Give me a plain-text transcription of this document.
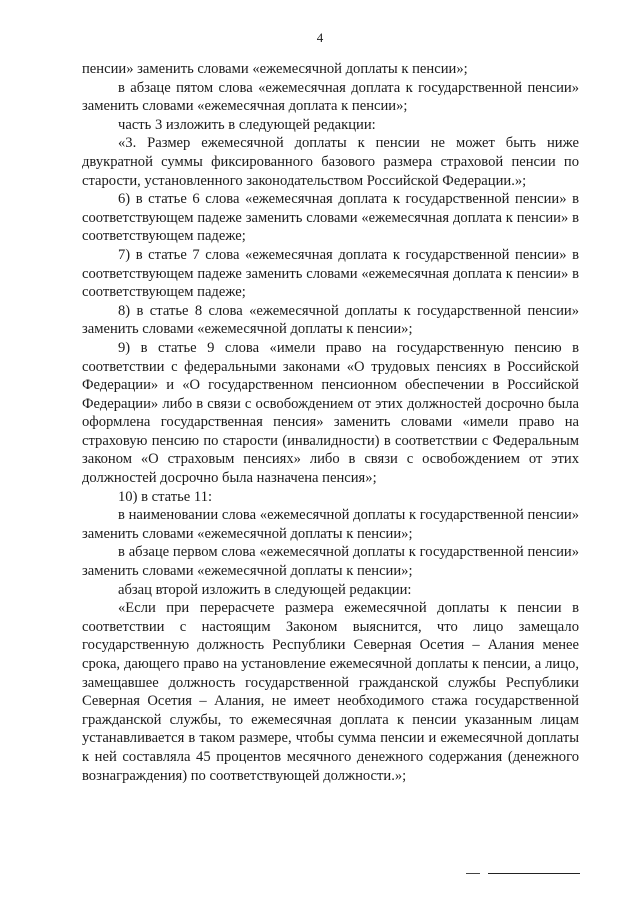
4

пенсии» заменить словами «ежемесячной доплаты к пенсии»;

в абзаце пятом слова «ежемесячная доплата к государственной пенсии» заменить словами «ежемесячная доплата к пенсии»;

часть 3 изложить в следующей редакции:

«3. Размер ежемесячной доплаты к пенсии не может быть ниже двукратной суммы фиксированного базового размера страховой пенсии по старости, установленного законодательством Российской Федерации.»;

6) в статье 6 слова «ежемесячная доплата к государственной пенсии» в соответствующем падеже заменить словами «ежемесячная доплата к пенсии» в соответствующем падеже;

7) в статье 7 слова «ежемесячная доплата к государственной пенсии» в соответствующем падеже заменить словами «ежемесячная доплата к пенсии» в соответствующем падеже;

8) в статье 8 слова «ежемесячной доплаты к государственной пенсии» заменить словами «ежемесячной доплаты к пенсии»;

9) в статье 9 слова «имели право на государственную пенсию в соответствии с федеральными законами «О трудовых пенсиях в Российской Федерации» и «О государственном пенсионном обеспечении в Российской Федерации» либо в связи с освобождением от этих должностей досрочно была оформлена государственная пенсия» заменить словами «имели право на страховую пенсию по старости (инвалидности) в соответствии с Федеральным законом «О страховым пенсиях» либо в связи с освобождением от этих должностей досрочно была назначена пенсия»;

10) в статье 11:

в наименовании слова «ежемесячной доплаты к государственной пенсии» заменить словами «ежемесячной доплаты к пенсии»;

в абзаце первом слова «ежемесячной доплаты к государственной пенсии» заменить словами «ежемесячной доплаты к пенсии»;

абзац второй изложить в следующей редакции:

«Если при перерасчете размера ежемесячной доплаты к пенсии в соответствии с настоящим Законом выяснится, что лицо замещало государственную должность Республики Северная Осетия – Алания менее срока, дающего право на установление ежемесячной доплаты к пенсии, а лицо, замещавшее должность государственной гражданской службы Республики Северная Осетия – Алания, не имеет необходимого стажа государственной гражданской службы, то ежемесячная доплата к пенсии указанным лицам устанавливается в таком размере, чтобы сумма пенсии и ежемесячной доплаты к ней составляла 45 процентов месячного денежного содержания (денежного вознаграждения) по соответствующей должности.»;
